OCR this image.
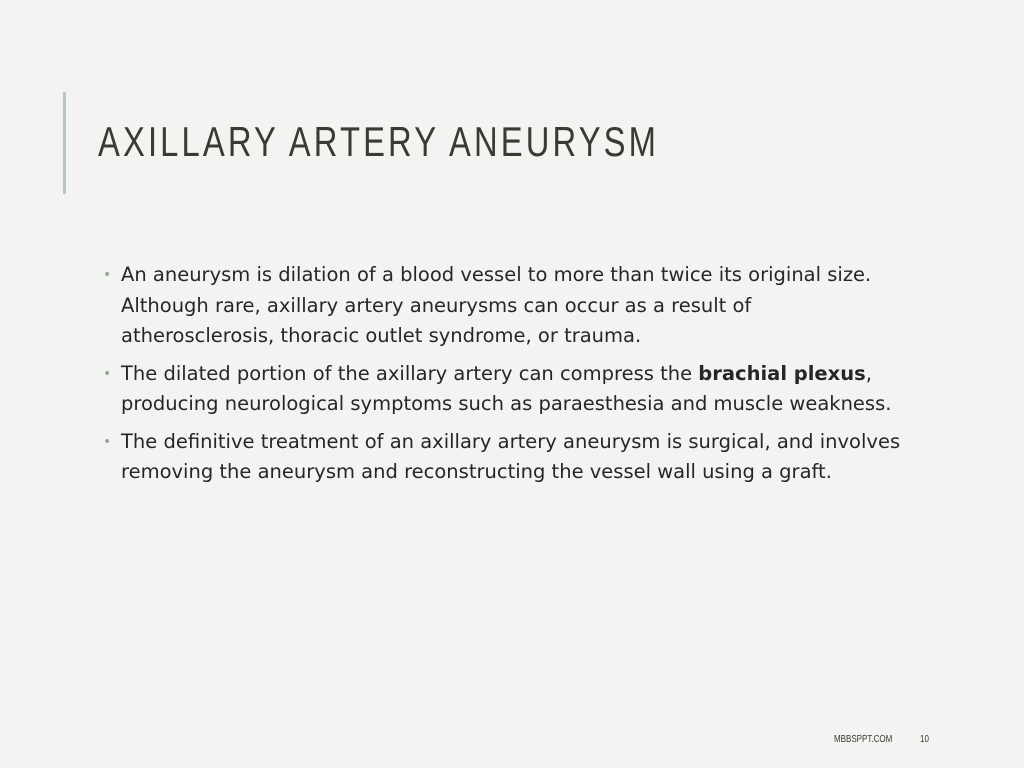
AXILLARY ARTERY ANEURYSM
• An aneurysm is dilation of a blood vessel to more than twice its original size. Although rare, axillary artery aneurysms can occur as a result of atherosclerosis, thoracic outlet syndrome, or trauma.
• The dilated portion of the axillary artery can compress the brachial plexus, producing neurological symptoms such as paraesthesia and muscle weakness.
• The definitive treatment of an axillary artery aneurysm is surgical, and involves removing the aneurysm and reconstructing the vessel wall using a graft.
MBBSPPT.COM	10
